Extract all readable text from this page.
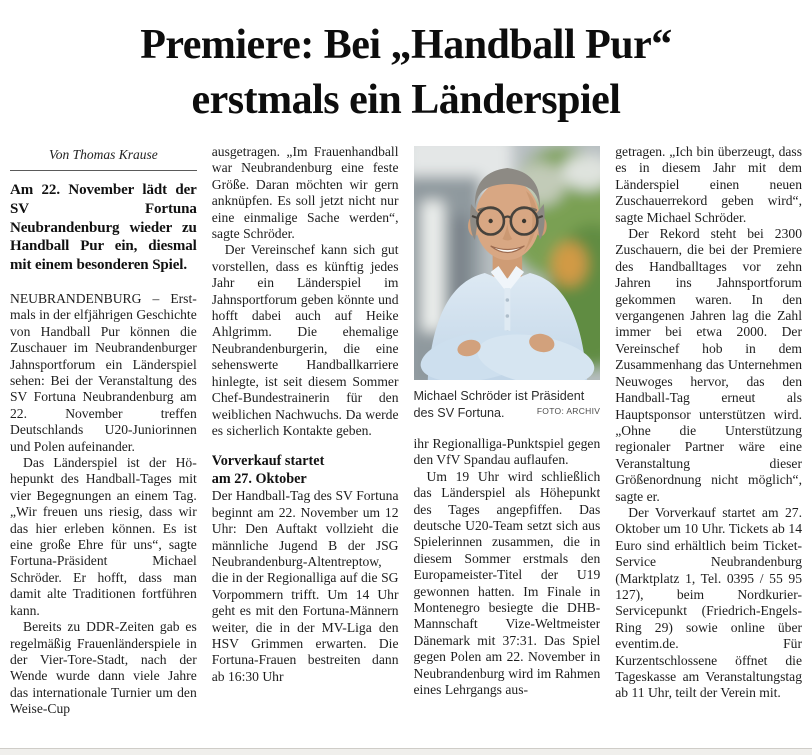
Premiere: Bei „Handball Pur“
erstmals ein Länderspiel
Von Thomas Krause

Am 22. November lädt der SV Fortuna Neubrandenburg wieder zu Handball Pur ein, diesmal mit einem besonderen Spiel.

NEUBRANDENBURG – Erstmals in der elfjährigen Geschichte von Handball Pur können die Zuschauer im Neubrandenburger Jahnsportforum ein Länderspiel sehen: Bei der Veranstaltung des SV Fortuna Neubrandenburg am 22. November treffen Deutschlands U20-Juniorinnen und Polen aufeinander.

Das Länderspiel ist der Höhepunkt des Handball-Tages mit vier Begegnungen an einem Tag. „Wir freuen uns riesig, dass wir das hier erleben können. Es ist eine große Ehre für uns“, sagte Fortuna-Präsident Michael Schröder. Er hofft, dass man damit alte Traditionen fortführen kann.

Bereits zu DDR-Zeiten gab es regelmäßig Frauenländerspiele in der Vier-Tore-Stadt, nach der Wende wurde dann viele Jahre das internationale Turnier um den Weise-Cup

ausgetragen. „Im Frauenhandball war Neubrandenburg eine feste Größe. Daran möchten wir gern anknüpfen. Es soll jetzt nicht nur eine einmalige Sache werden“, sagte Schröder.

Der Vereinschef kann sich gut vorstellen, dass es künftig jedes Jahr ein Länderspiel im Jahnsportforum geben könnte und hofft dabei auch auf Heike Ahlgrimm. Die ehemalige Neubrandenburgerin, die eine sehenswerte Handballkarriere hinlegte, ist seit diesem Sommer Chef-Bundestrainerin für den weiblichen Nachwuchs. Da werde es sicherlich Kontakte geben.

Vorverkauf startet
am 27. Oktober

Der Handball-Tag des SV Fortuna beginnt am 22. November um 12 Uhr: Den Auftakt vollzieht die männliche Jugend B der JSG Neubrandenburg-Altentreptow, die in der Regionalliga auf die SG Vorpommern trifft. Um 14 Uhr geht es mit den Fortuna-Männern weiter, die in der MV-Liga den HSV Grimmen erwarten. Die Fortuna-Frauen bestreiten dann ab 16:30 Uhr

Michael Schröder ist Präsident des SV Fortuna.	FOTO: ARCHIV

ihr Regionalliga-Punktspiel gegen den VfV Spandau auflaufen.

Um 19 Uhr wird schließlich das Länderspiel als Höhepunkt des Tages angepfiffen. Das deutsche U20-Team setzt sich aus Spielerinnen zusammen, die in diesem Sommer erstmals den Europameister-Titel der U19 gewonnen hatten. Im Finale in Montenegro besiegte die DHB-Mannschaft Vize-Weltmeister Dänemark mit 37:31. Das Spiel gegen Polen am 22. November in Neubrandenburg wird im Rahmen eines Lehrgangs aus-

getragen. „Ich bin überzeugt, dass es in diesem Jahr mit dem Länderspiel einen neuen Zuschauerrekord geben wird“, sagte Michael Schröder.

Der Rekord steht bei 2300 Zuschauern, die bei der Premiere des Handballtages vor zehn Jahren ins Jahnsportforum gekommen waren. In den vergangenen Jahren lag die Zahl immer bei etwa 2000. Der Vereinschef hob in dem Zusammenhang das Unternehmen Neuwoges hervor, das den Handball-Tag erneut als Hauptsponsor unterstützen wird. „Ohne die Unterstützung regionaler Partner wäre eine Veranstaltung dieser Größenordnung nicht möglich“, sagte er.

Der Vorverkauf startet am 27. Oktober um 10 Uhr. Tickets ab 14 Euro sind erhältlich beim Ticket-Service Neubrandenburg (Marktplatz 1, Tel. 0395 / 55 95 127), beim Nordkurier-Servicepunkt (Friedrich-Engels-Ring 29) sowie online über eventim.de. Für Kurzentschlossene öffnet die Tageskasse am Veranstaltungstag ab 11 Uhr, teilt der Verein mit.
